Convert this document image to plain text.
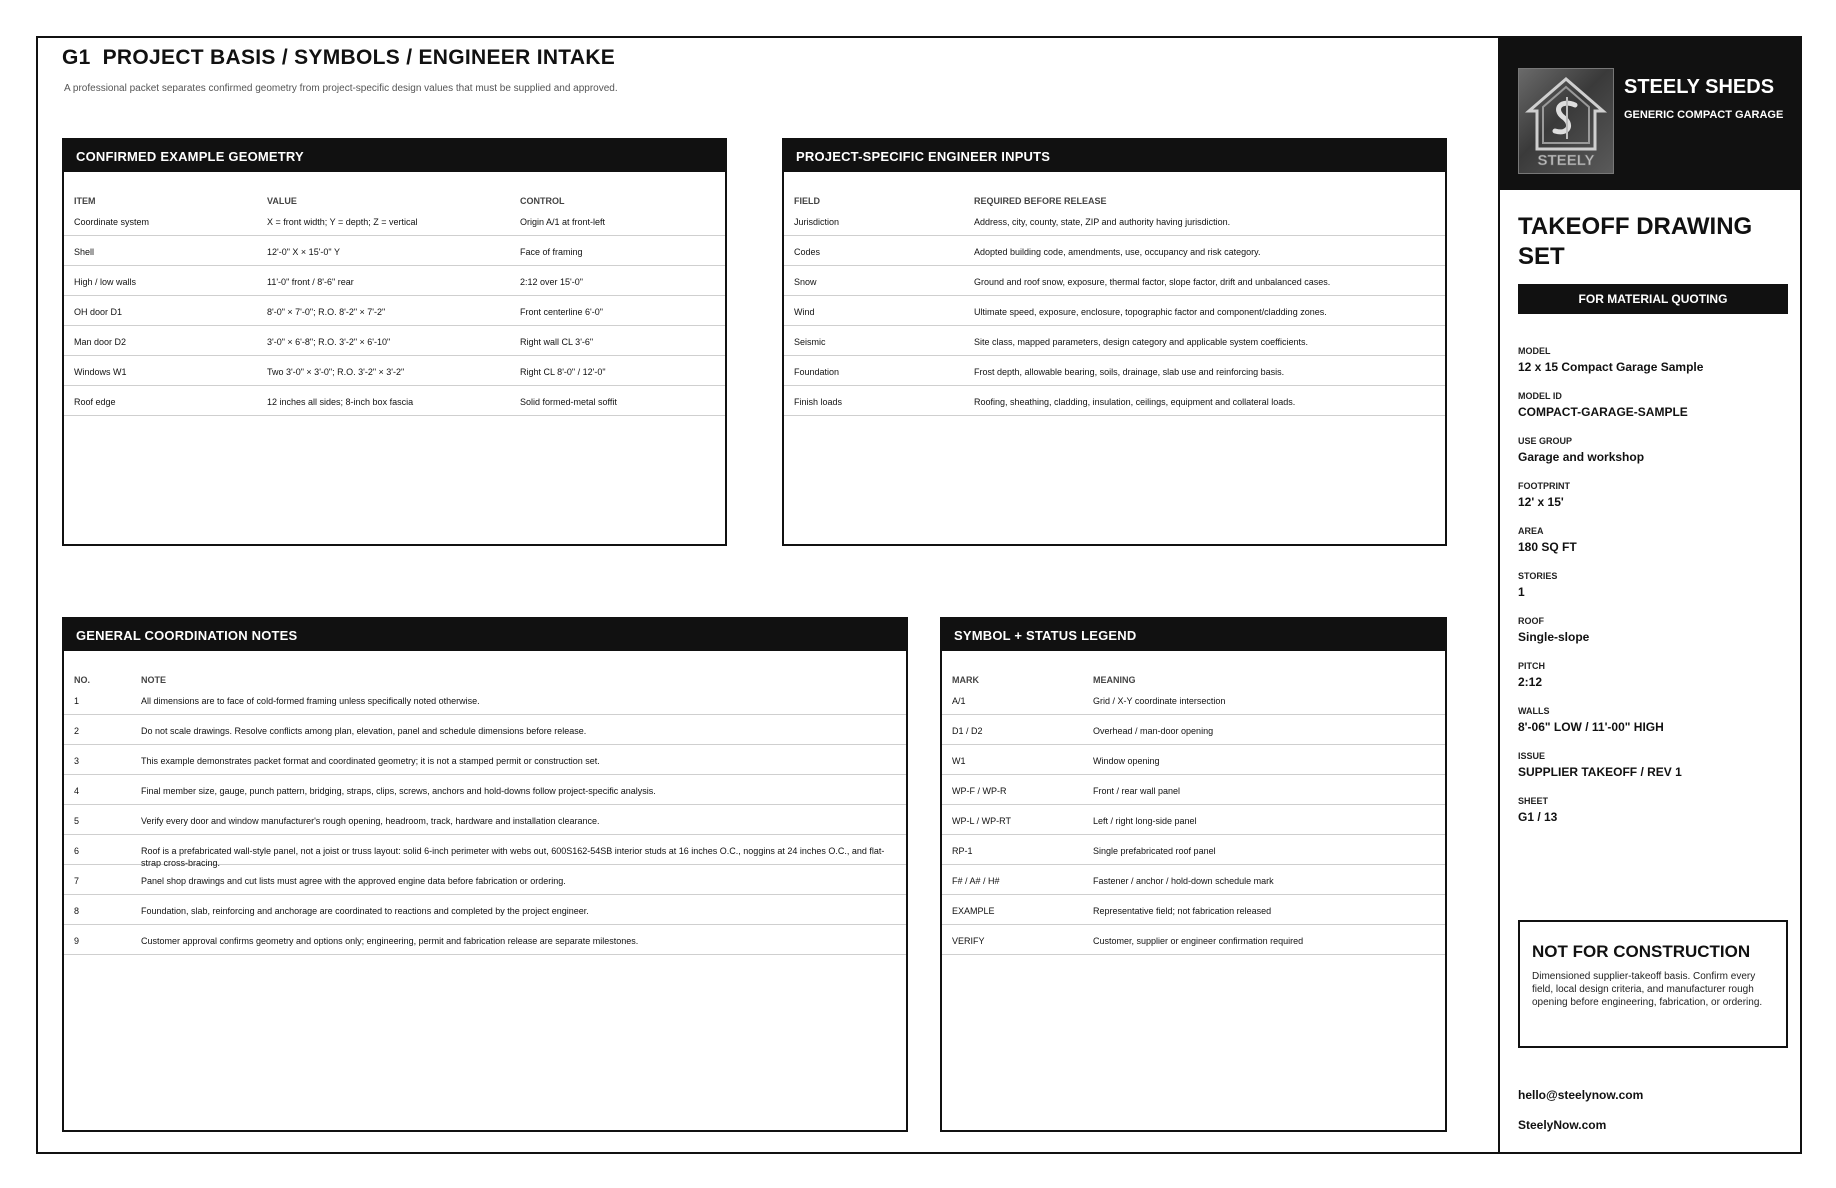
G1 PROJECT BASIS / SYMBOLS / ENGINEER INTAKE
A professional packet separates confirmed geometry from project-specific design values that must be supplied and approved.
CONFIRMED EXAMPLE GEOMETRY
ITEM	VALUE	CONTROL

Coordinate system	X = front width; Y = depth; Z = vertical	Origin A/1 at front-left

Shell	12'-0" X × 15'-0" Y	Face of framing

High / low walls	11'-0" front / 8'-6" rear	2:12 over 15'-0"

OH door D1	8'-0" × 7'-0"; R.O. 8'-2" × 7'-2"	Front centerline 6'-0"

Man door D2	3'-0" × 6'-8"; R.O. 3'-2" × 6'-10"	Right wall CL 3'-6"

Windows W1	Two 3'-0" × 3'-0"; R.O. 3'-2" × 3'-2"	Right CL 8'-0" / 12'-0"

Roof edge	12 inches all sides; 8-inch box fascia	Solid formed-metal soffit
PROJECT-SPECIFIC ENGINEER INPUTS
FIELD	REQUIRED BEFORE RELEASE

Jurisdiction	Address, city, county, state, ZIP and authority having jurisdiction.

Codes	Adopted building code, amendments, use, occupancy and risk category.

Snow	Ground and roof snow, exposure, thermal factor, slope factor, drift and unbalanced cases.

Wind	Ultimate speed, exposure, enclosure, topographic factor and component/cladding zones.

Seismic	Site class, mapped parameters, design category and applicable system coefficients.

Foundation	Frost depth, allowable bearing, soils, drainage, slab use and reinforcing basis.

Finish loads	Roofing, sheathing, cladding, insulation, ceilings, equipment and collateral loads.
GENERAL COORDINATION NOTES
NO.	NOTE

1	All dimensions are to face of cold-formed framing unless specifically noted otherwise.

2	Do not scale drawings. Resolve conflicts among plan, elevation, panel and schedule dimensions before release.

3	This example demonstrates packet format and coordinated geometry; it is not a stamped permit or construction set.

4	Final member size, gauge, punch pattern, bridging, straps, clips, screws, anchors and hold-downs follow project-specific analysis.

5	Verify every door and window manufacturer's rough opening, headroom, track, hardware and installation clearance.

6	Roof is a prefabricated wall-style panel, not a joist or truss layout: solid 6-inch perimeter with webs out, 600S162-54SB interior studs at 16 inches O.C., noggins at 24 inches O.C., and flat-strap cross-bracing.

7	Panel shop drawings and cut lists must agree with the approved engine data before fabrication or ordering.

8	Foundation, slab, reinforcing and anchorage are coordinated to reactions and completed by the project engineer.

9	Customer approval confirms geometry and options only; engineering, permit and fabrication release are separate milestones.
SYMBOL + STATUS LEGEND
MARK	MEANING

A/1	Grid / X-Y coordinate intersection

D1 / D2	Overhead / man-door opening

W1	Window opening

WP-F / WP-R	Front / rear wall panel

WP-L / WP-RT	Left / right long-side panel

RP-1	Single prefabricated roof panel

F# / A# / H#	Fastener / anchor / hold-down schedule mark

EXAMPLE	Representative field; not fabrication released

VERIFY	Customer, supplier or engineer confirmation required
STEELY
STEELY SHEDS
GENERIC COMPACT GARAGE
TAKEOFF DRAWING SET
FOR MATERIAL QUOTING
MODEL
12 x 15 Compact Garage Sample
MODEL ID
COMPACT-GARAGE-SAMPLE
USE GROUP
Garage and workshop
FOOTPRINT
12' x 15'
AREA
180 SQ FT
STORIES
1
ROOF
Single-slope
PITCH
2:12
WALLS
8'-06" LOW / 11'-00" HIGH
ISSUE
SUPPLIER TAKEOFF / REV 1
SHEET
G1 / 13
NOT FOR CONSTRUCTION
Dimensioned supplier-takeoff basis. Confirm every field, local design criteria, and manufacturer rough opening before engineering, fabrication, or ordering.
hello@steelynow.com
SteelyNow.com
